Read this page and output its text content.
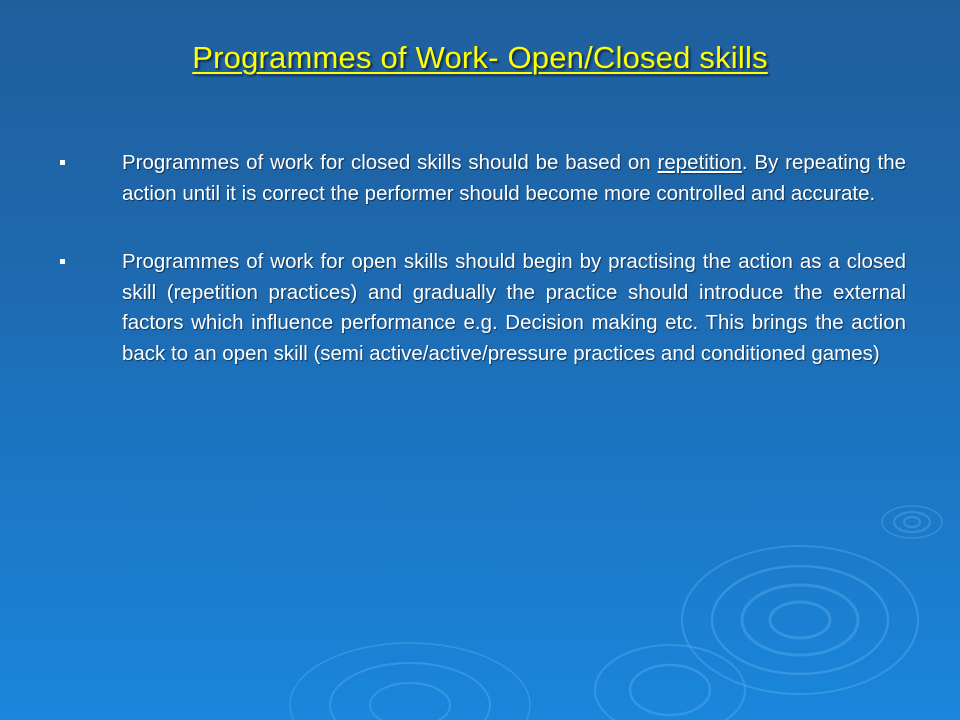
Programmes of Work- Open/Closed skills
Programmes of work for closed skills should be based on repetition. By repeating the action until it is correct the performer should become more controlled and accurate.
Programmes of work for open skills should begin by practising the action as a closed skill (repetition practices) and gradually the practice should introduce the external factors which influence performance e.g. Decision making etc. This brings the action back to an open skill (semi active/active/pressure practices and conditioned games)
